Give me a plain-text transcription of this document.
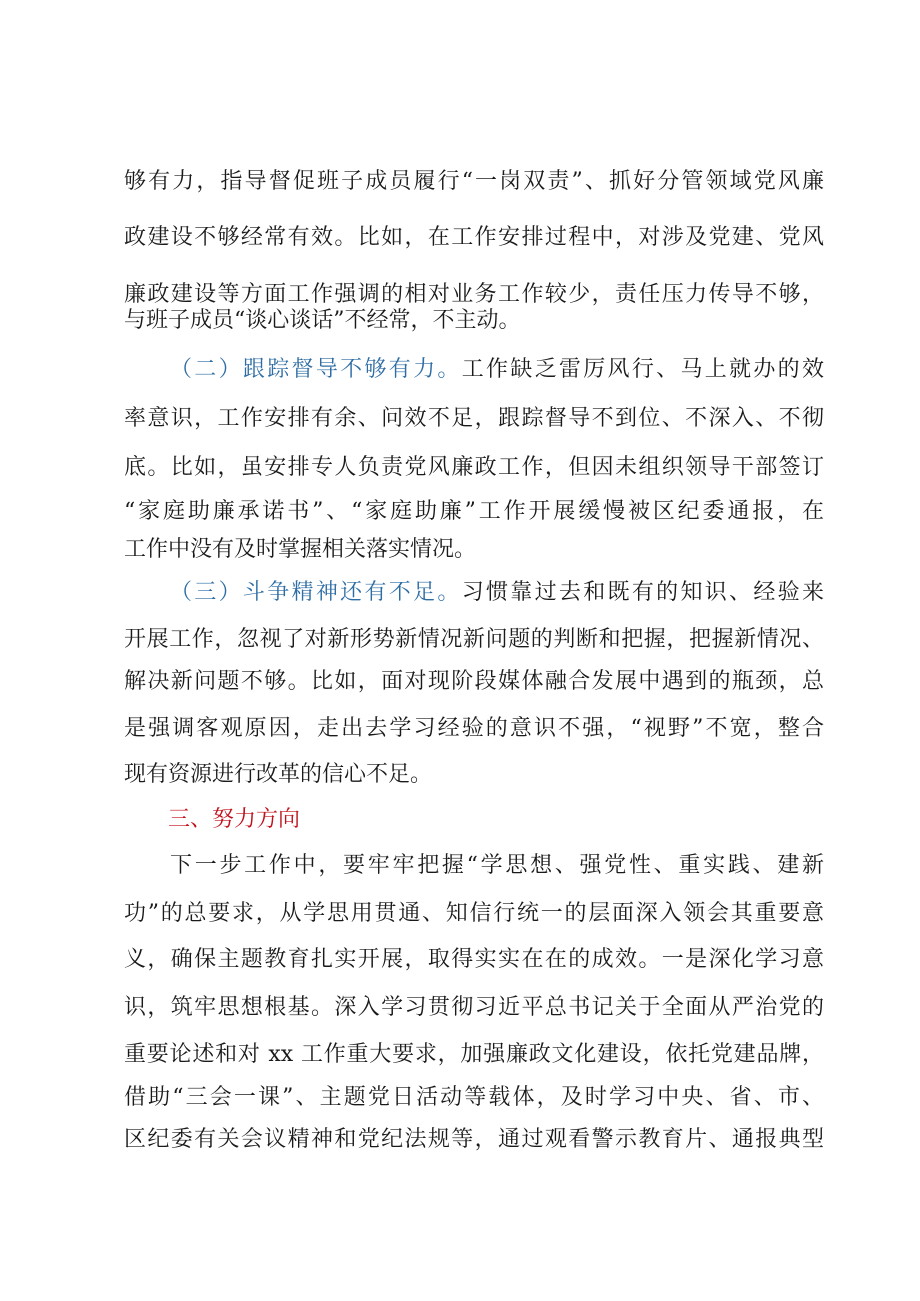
够有力，指导督促班子成员履行“一岗双责”、抓好分管领域党风廉
政建设不够经常有效。比如，在工作安排过程中，对涉及党建、党风
廉政建设等方面工作强调的相对业务工作较少，责任压力传导不够，
与班子成员“谈心谈话”不经常，不主动。
（二）跟踪督导不够有力。工作缺乏雷厉风行、马上就办的效
率意识，工作安排有余、问效不足，跟踪督导不到位、不深入、不彻
底。比如，虽安排专人负责党风廉政工作，但因未组织领导干部签订
“家庭助廉承诺书”、“家庭助廉”工作开展缓慢被区纪委通报，在
工作中没有及时掌握相关落实情况。
（三）斗争精神还有不足。习惯靠过去和既有的知识、经验来
开展工作，忽视了对新形势新情况新问题的判断和把握，把握新情况、
解决新问题不够。比如，面对现阶段媒体融合发展中遇到的瓶颈，总
是强调客观原因，走出去学习经验的意识不强，“视野”不宽，整合
现有资源进行改革的信心不足。
三、努力方向
下一步工作中，要牢牢把握“学思想、强党性、重实践、建新
功”的总要求，从学思用贯通、知信行统一的层面深入领会其重要意
义，确保主题教育扎实开展，取得实实在在的成效。一是深化学习意
识，筑牢思想根基。深入学习贯彻习近平总书记关于全面从严治党的
重要论述和对 xx 工作重大要求，加强廉政文化建设，依托党建品牌，
借助“三会一课”、主题党日活动等载体，及时学习中央、省、市、
区纪委有关会议精神和党纪法规等，通过观看警示教育片、通报典型
